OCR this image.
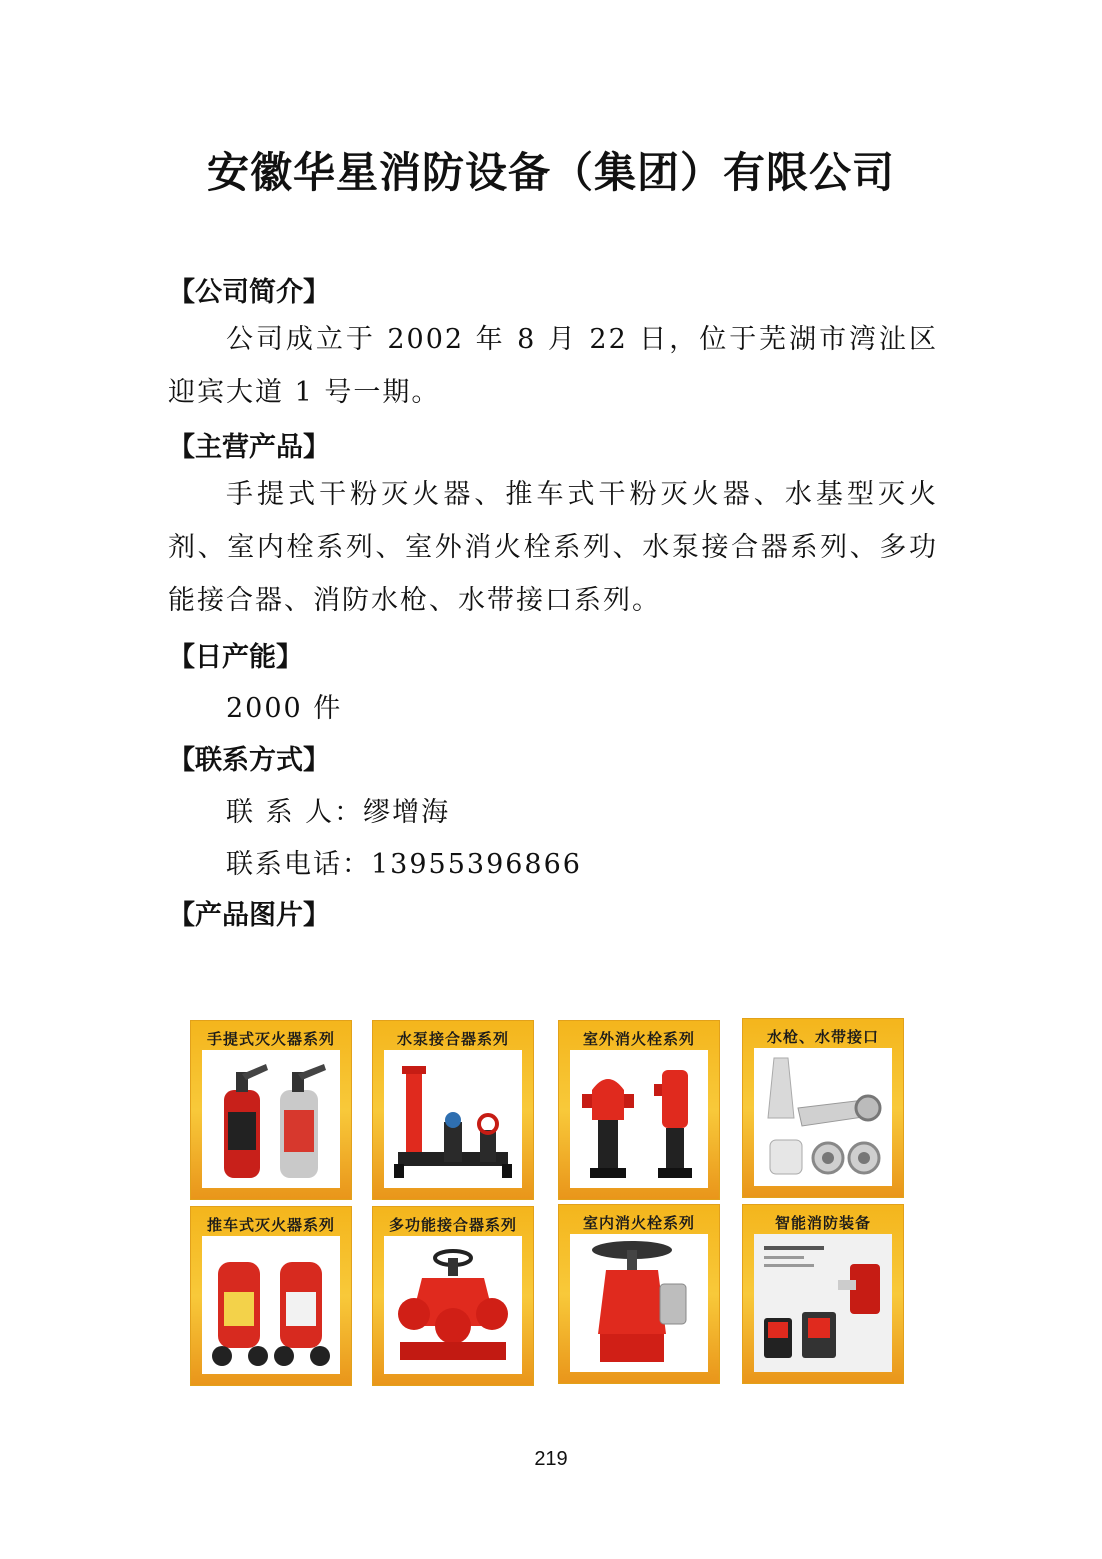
安徽华星消防设备（集团）有限公司
【公司简介】
公司成立于 2002 年 8 月 22 日，位于芜湖市湾沚区迎宾大道 1 号一期。
【主营产品】
手提式干粉灭火器、推车式干粉灭火器、水基型灭火剂、室内栓系列、室外消火栓系列、水泵接合器系列、多功能接合器、消防水枪、水带接口系列。
【日产能】
2000 件
【联系方式】
联 系 人：缪增海
联系电话：13955396866
【产品图片】
手提式灭火器系列	水泵接合器系列	室外消火栓系列	水枪、水带接口
推车式灭火器系列	多功能接合器系列	室内消火栓系列	智能消防装备
219
